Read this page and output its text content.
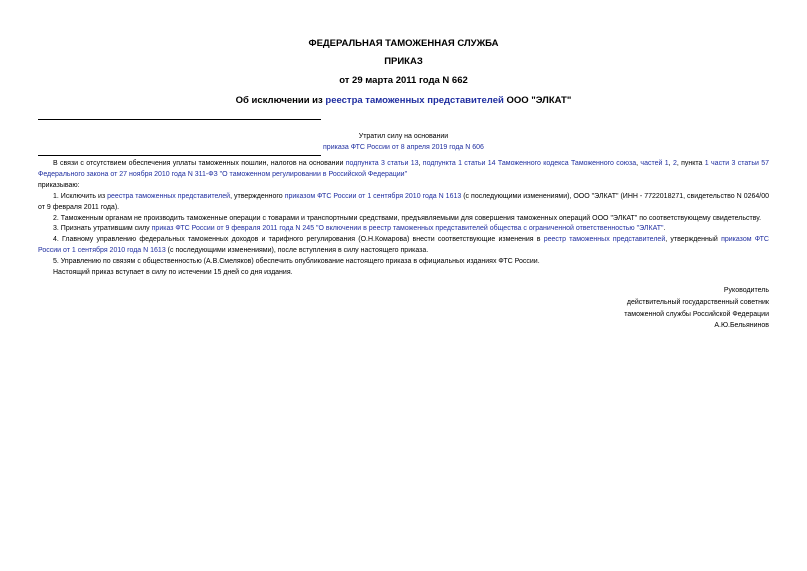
ФЕДЕРАЛЬНАЯ ТАМОЖЕННАЯ СЛУЖБА
ПРИКАЗ
от 29 марта 2011 года N 662
Об исключении из реестра таможенных представителей ООО "ЭЛКАТ"
Утратил силу на основании
приказа ФТС России от 8 апреля 2019 года N 606

В связи с отсутствием обеспечения уплаты таможенных пошлин, налогов на основании подпункта 3 статьи 13, подпункта 1 статьи 14 Таможенного кодекса Таможенного союза, частей 1, 2, пункта 1 части 3 статьи 57 Федерального закона от 27 ноября 2010 года N 311-ФЗ "О таможенном регулировании в Российской Федерации"

приказываю:

1. Исключить из реестра таможенных представителей, утвержденного приказом ФТС России от 1 сентября 2010 года N 1613 (с последующими изменениями), ООО "ЭЛКАТ" (ИНН - 7722018271, свидетельство N 0264/00 от 9 февраля 2011 года).

2. Таможенным органам не производить таможенные операции с товарами и транспортными средствами, предъявляемыми для совершения таможенных операций ООО "ЭЛКАТ" по соответствующему свидетельству.

3. Признать утратившим силу приказ ФТС России от 9 февраля 2011 года N 245 "О включении в реестр таможенных представителей общества с ограниченной ответственностью "ЭЛКАТ".

4. Главному управлению федеральных таможенных доходов и тарифного регулирования (О.Н.Комарова) внести соответствующие изменения в реестр таможенных представителей, утвержденный приказом ФТС России от 1 сентября 2010 года N 1613 (с последующими изменениями), после вступления в силу настоящего приказа.

5. Управлению по связям с общественностью (А.В.Смеляков) обеспечить опубликование настоящего приказа в официальных изданиях ФТС России.

Настоящий приказ вступает в силу по истечении 15 дней со дня издания.

Руководитель
действительный государственный советник
таможенной службы Российской Федерации
А.Ю.Бельянинов
